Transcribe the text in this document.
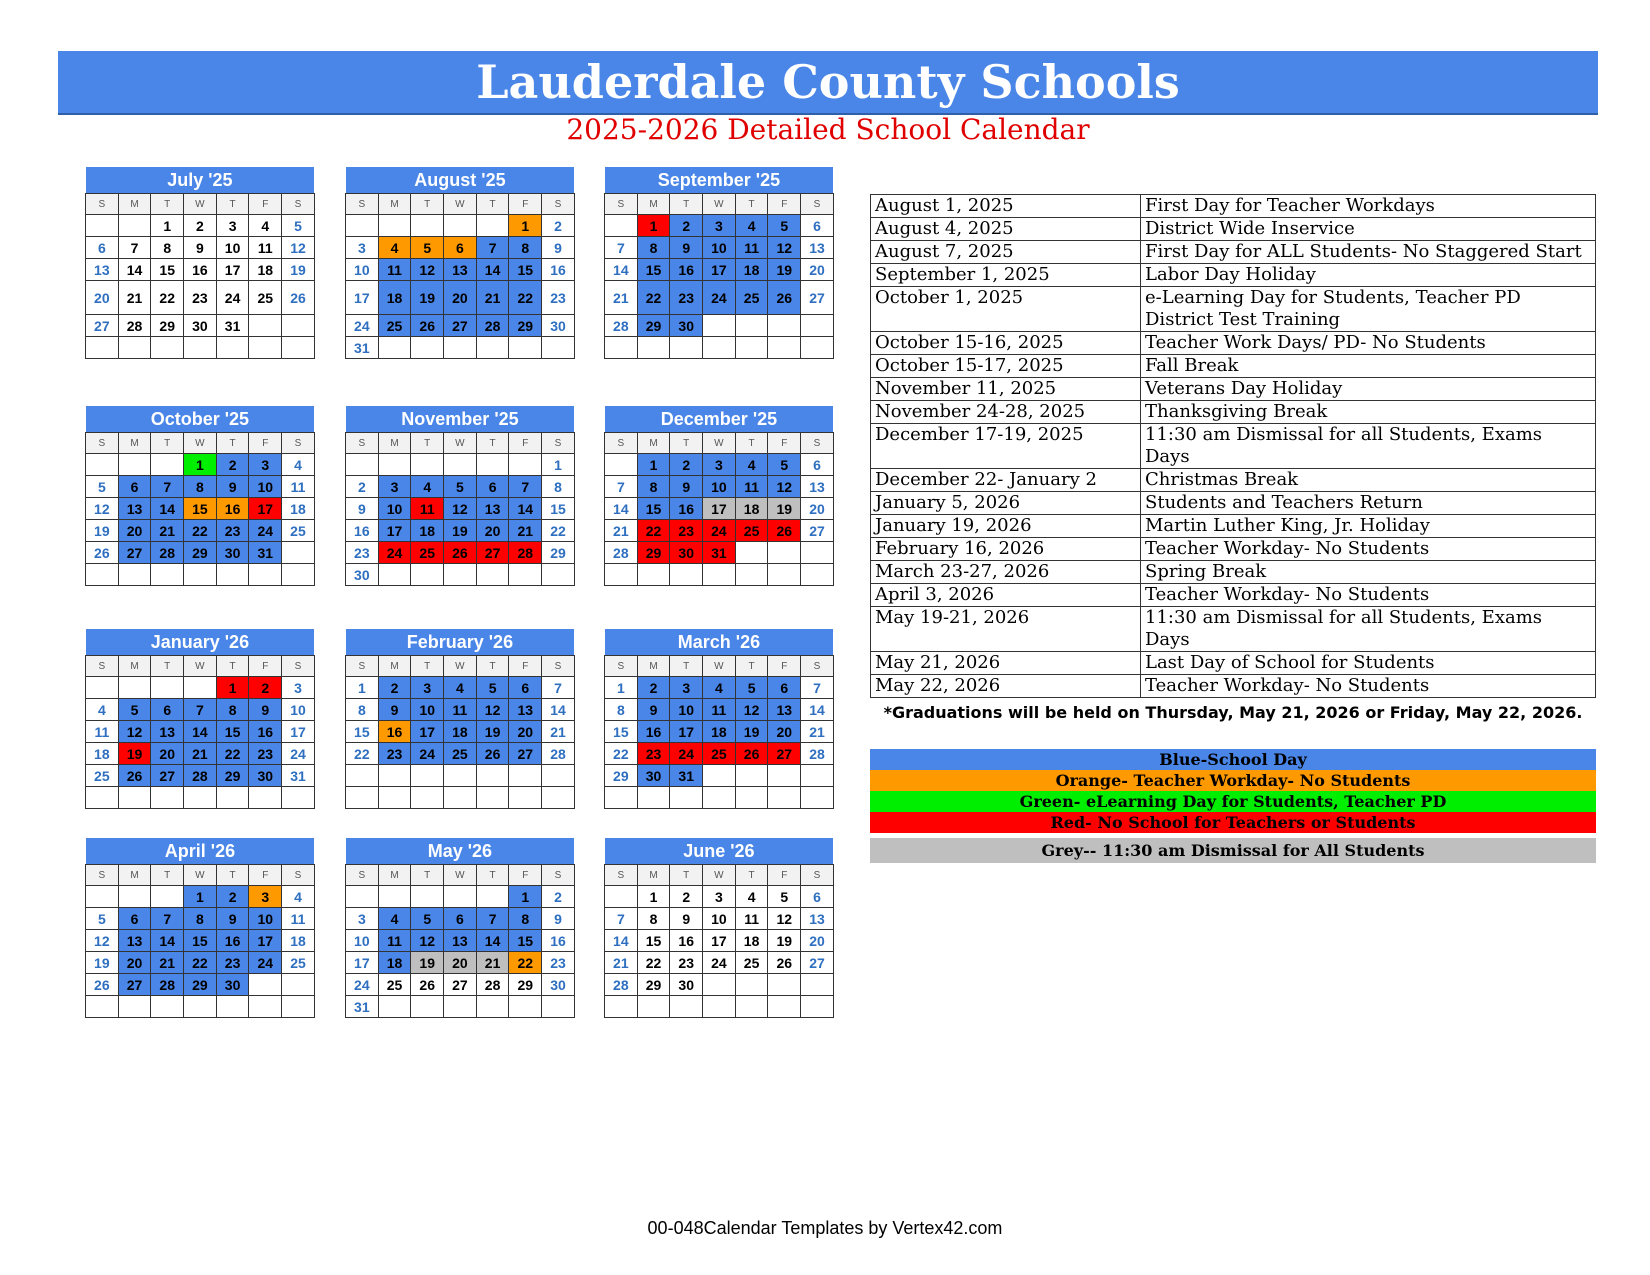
Lauderdale County Schools
2025-2026 Detailed School Calendar
July '25						
S	M	T	W	T	F	S
		1	2	3	4	5
6	7	8	9	10	11	12
13	14	15	16	17	18	19
20	21	22	23	24	25	26
27	28	29	30	31		

August '25						
S	M	T	W	T	F	S
					1	2
3	4	5	6	7	8	9
10	11	12	13	14	15	16
17	18	19	20	21	22	23
24	25	26	27	28	29	30
31						
September '25						
S	M	T	W	T	F	S
	1	2	3	4	5	6
7	8	9	10	11	12	13
14	15	16	17	18	19	20
21	22	23	24	25	26	27
28	29	30				

October '25						
S	M	T	W	T	F	S
			1	2	3	4
5	6	7	8	9	10	11
12	13	14	15	16	17	18
19	20	21	22	23	24	25
26	27	28	29	30	31	

November '25						
S	M	T	W	T	F	S
						1
2	3	4	5	6	7	8
9	10	11	12	13	14	15
16	17	18	19	20	21	22
23	24	25	26	27	28	29
30						
December '25						
S	M	T	W	T	F	S
	1	2	3	4	5	6
7	8	9	10	11	12	13
14	15	16	17	18	19	20
21	22	23	24	25	26	27
28	29	30	31			

January '26						
S	M	T	W	T	F	S
				1	2	3
4	5	6	7	8	9	10
11	12	13	14	15	16	17
18	19	20	21	22	23	24
25	26	27	28	29	30	31

February '26						
S	M	T	W	T	F	S
1	2	3	4	5	6	7
8	9	10	11	12	13	14
15	16	17	18	19	20	21
22	23	24	25	26	27	28

March '26						
S	M	T	W	T	F	S
1	2	3	4	5	6	7
8	9	10	11	12	13	14
15	16	17	18	19	20	21
22	23	24	25	26	27	28
29	30	31				

April '26						
S	M	T	W	T	F	S
			1	2	3	4
5	6	7	8	9	10	11
12	13	14	15	16	17	18
19	20	21	22	23	24	25
26	27	28	29	30		

May '26						
S	M	T	W	T	F	S
					1	2
3	4	5	6	7	8	9
10	11	12	13	14	15	16
17	18	19	20	21	22	23
24	25	26	27	28	29	30
31						
June '26						
S	M	T	W	T	F	S
	1	2	3	4	5	6
7	8	9	10	11	12	13
14	15	16	17	18	19	20
21	22	23	24	25	26	27
28	29	30				

August 1, 2025	First Day for Teacher Workdays

August 4, 2025	District Wide Inservice

August 7, 2025	First Day for ALL Students- No Staggered Start

September 1, 2025	Labor Day Holiday

October 1, 2025	e-Learning Day for Students, Teacher PD
District Test Training

October 15-16, 2025	Teacher Work Days/ PD- No Students

October 15-17, 2025	Fall Break

November 11, 2025	Veterans Day Holiday

November 24-28, 2025	Thanksgiving Break

December 17-19, 2025	11:30 am Dismissal for all Students, Exams Days

December 22- January 2	Christmas Break

January 5, 2026	Students and Teachers Return

January 19, 2026	Martin Luther King, Jr. Holiday

February 16, 2026	Teacher Workday- No Students

March 23-27, 2026	Spring Break

April 3, 2026	Teacher Workday- No Students

May 19-21, 2026	11:30 am Dismissal for all Students, Exams Days

May 21, 2026	Last Day of School for Students

May 22, 2026	Teacher Workday- No Students
*Graduations will be held on Thursday, May 21, 2026 or Friday, May 22, 2026.
Blue-School Day
Orange- Teacher Workday- No Students
Green- eLearning Day for Students, Teacher PD
Red- No School for Teachers or Students
Grey-- 11:30 am Dismissal for All Students
00-048Calendar Templates by Vertex42.com
